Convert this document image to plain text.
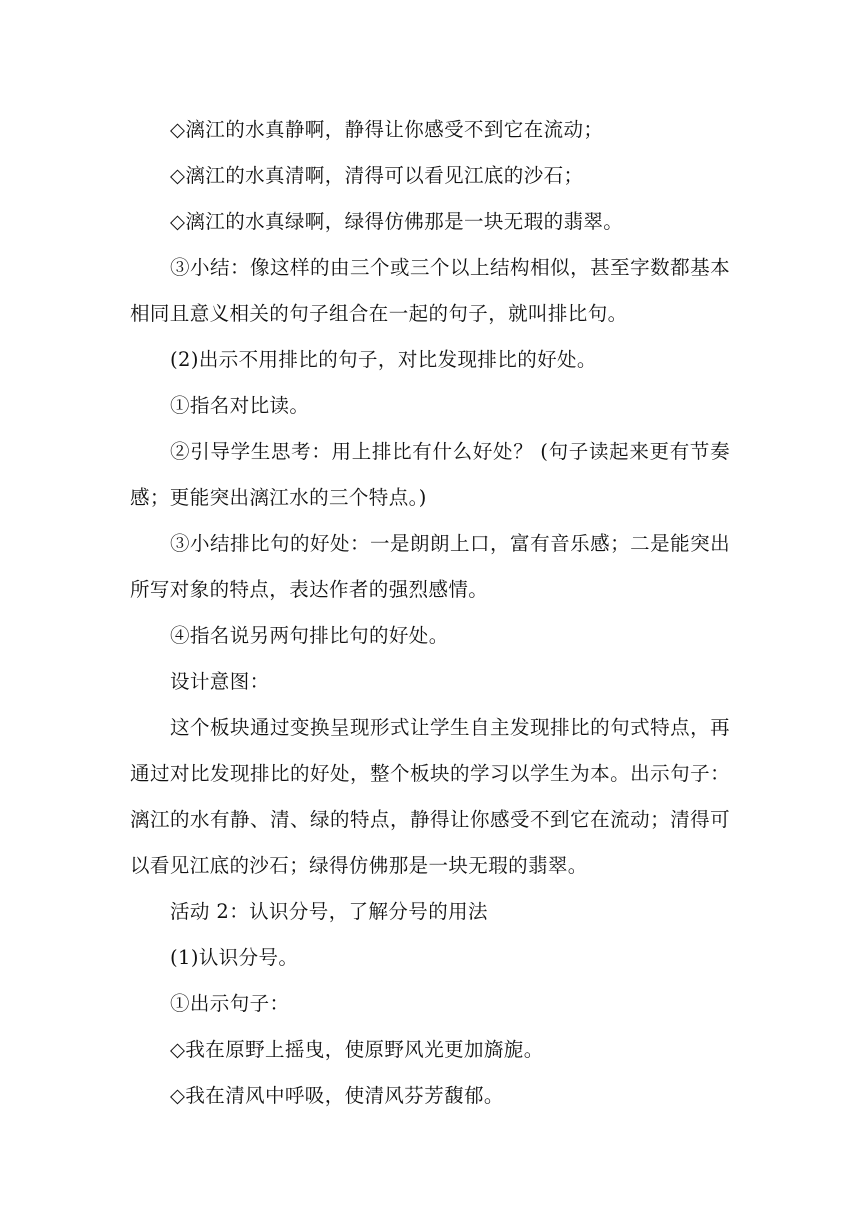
◇漓江的水真静啊，静得让你感受不到它在流动；

◇漓江的水真清啊，清得可以看见江底的沙石；

◇漓江的水真绿啊，绿得仿佛那是一块无瑕的翡翠。

③小结：像这样的由三个或三个以上结构相似，甚至字数都基本相同且意义相关的句子组合在一起的句子，就叫排比句。

(2)出示不用排比的句子，对比发现排比的好处。

①指名对比读。

②引导学生思考：用上排比有什么好处？ (句子读起来更有节奏感；更能突出漓江水的三个特点。)

③小结排比句的好处：一是朗朗上口，富有音乐感；二是能突出所写对象的特点，表达作者的强烈感情。

④指名说另两句排比句的好处。

设计意图：

这个板块通过变换呈现形式让学生自主发现排比的句式特点，再通过对比发现排比的好处，整个板块的学习以学生为本。出示句子：漓江的水有静、清、绿的特点，静得让你感受不到它在流动；清得可以看见江底的沙石；绿得仿佛那是一块无瑕的翡翠。

活动 2：认识分号，了解分号的用法

(1)认识分号。

①出示句子：

◇我在原野上摇曳，使原野风光更加旖旎。

◇我在清风中呼吸，使清风芬芳馥郁。
